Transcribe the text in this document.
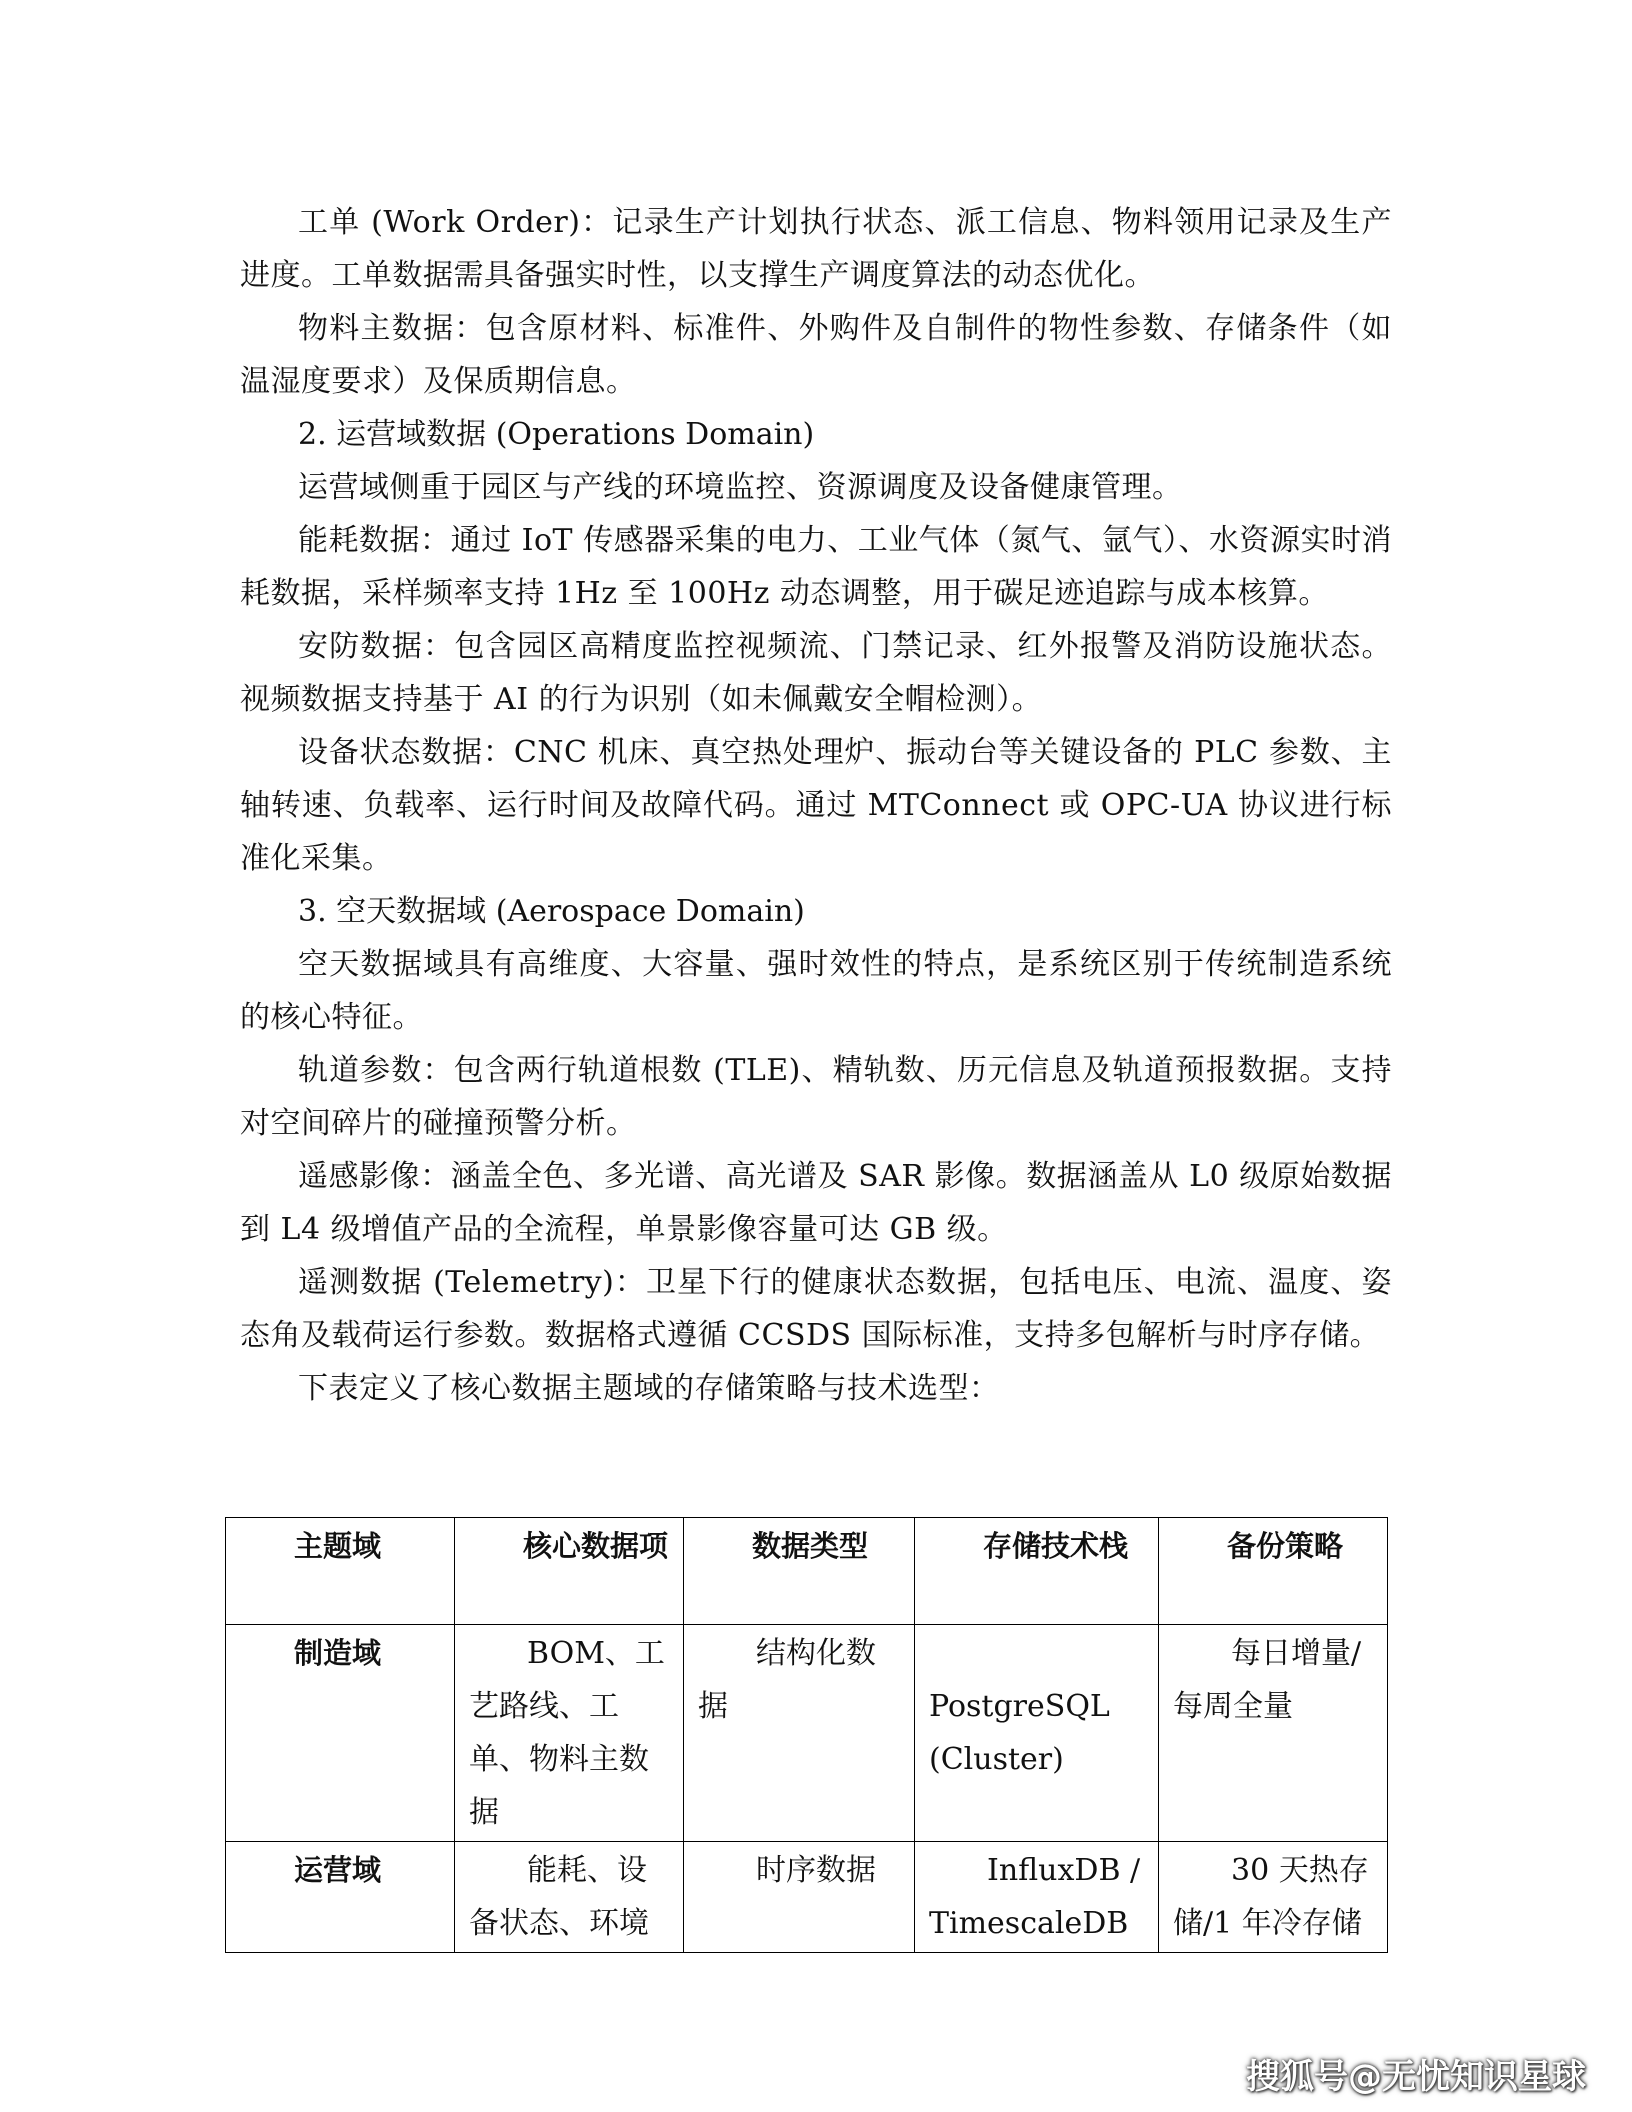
工单 (Work Order)：记录生产计划执行状态、派工信息、物料领用记录及生产进度。工单数据需具备强实时性，以支撑生产调度算法的动态优化。

物料主数据：包含原材料、标准件、外购件及自制件的物性参数、存储条件（如温湿度要求）及保质期信息。

2. 运营域数据 (Operations Domain)

运营域侧重于园区与产线的环境监控、资源调度及设备健康管理。

能耗数据：通过 IoT 传感器采集的电力、工业气体（氮气、氩气）、水资源实时消耗数据，采样频率支持 1Hz 至 100Hz 动态调整，用于碳足迹追踪与成本核算。

安防数据：包含园区高精度监控视频流、门禁记录、红外报警及消防设施状态。视频数据支持基于 AI 的行为识别（如未佩戴安全帽检测）。

设备状态数据：CNC 机床、真空热处理炉、振动台等关键设备的 PLC 参数、主轴转速、负载率、运行时间及故障代码。通过 MTConnect 或 OPC-UA 协议进行标准化采集。

3. 空天数据域 (Aerospace Domain)

空天数据域具有高维度、大容量、强时效性的特点，是系统区别于传统制造系统的核心特征。

轨道参数：包含两行轨道根数 (TLE)、精轨数、历元信息及轨道预报数据。支持对空间碎片的碰撞预警分析。

遥感影像：涵盖全色、多光谱、高光谱及 SAR 影像。数据涵盖从 L0 级原始数据到 L4 级增值产品的全流程，单景影像容量可达 GB 级。

遥测数据 (Telemetry)：卫星下行的健康状态数据，包括电压、电流、温度、姿态角及载荷运行参数。数据格式遵循 CCSDS 国际标准，支持多包解析与时序存储。

下表定义了核心数据主题域的存储策略与技术选型：

主题域	核心数据项	数据类型	存储技术栈	备份策略
制造域	BOM、工艺路线、工单、物料主数据	结构化数据	PostgreSQL (Cluster)	每日增量/每周全量
运营域	能耗、设备状态、环境	时序数据	InfluxDB / TimescaleDB	30 天热存储/1 年冷存储
搜狐号@无忧知识星球
